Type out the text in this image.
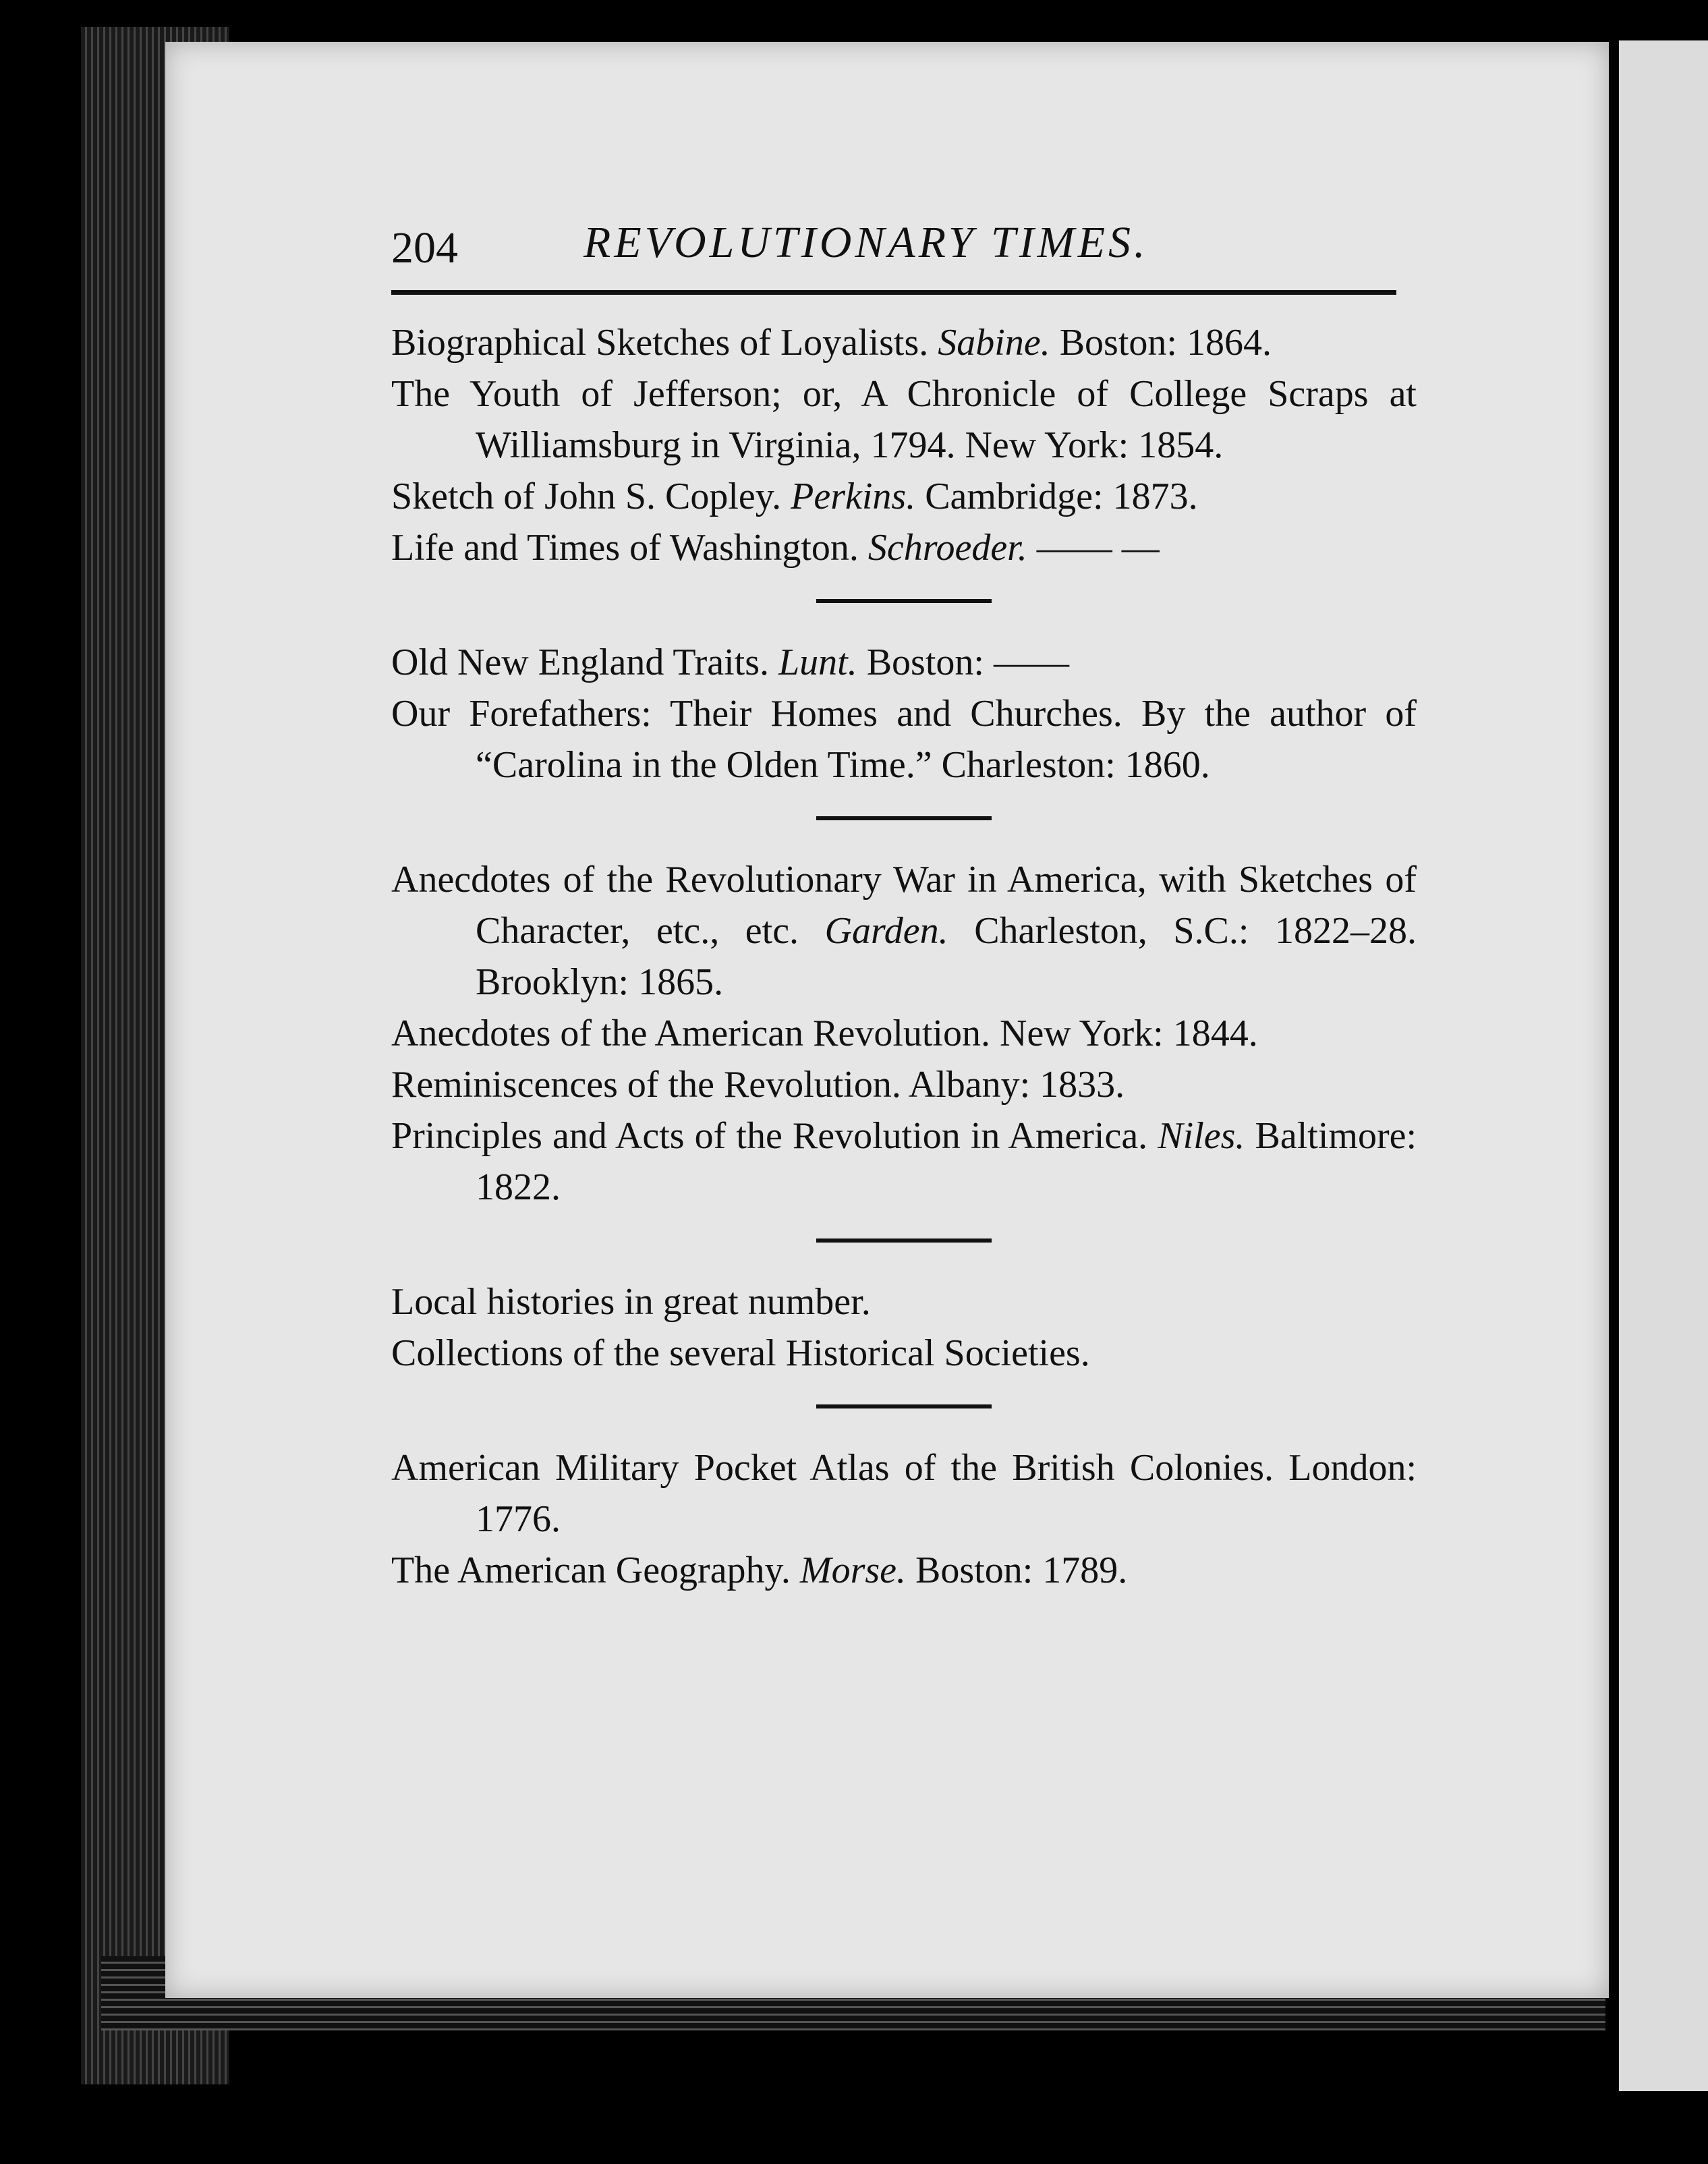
204	REVOLUTIONARY TIMES.

Biographical Sketches of Loyalists. Sabine. Boston: 1864.

The Youth of Jefferson; or, A Chronicle of College Scraps at Williamsburg in Virginia, 1794. New York: 1854.

Sketch of John S. Copley. Perkins. Cambridge: 1873.

Life and Times of Washington. Schroeder. —— —

Old New England Traits. Lunt. Boston: ——

Our Forefathers: Their Homes and Churches. By the author of “Carolina in the Olden Time.” Charleston: 1860.

Anecdotes of the Revolutionary War in America, with Sketches of Character, etc., etc. Garden. Charleston, S.C.: 1822–28. Brooklyn: 1865.

Anecdotes of the American Revolution. New York: 1844.

Reminiscences of the Revolution. Albany: 1833.

Principles and Acts of the Revolution in America. Niles. Baltimore: 1822.

Local histories in great number.

Collections of the several Historical Societies.

American Military Pocket Atlas of the British Colonies. London: 1776.

The American Geography. Morse. Boston: 1789.
